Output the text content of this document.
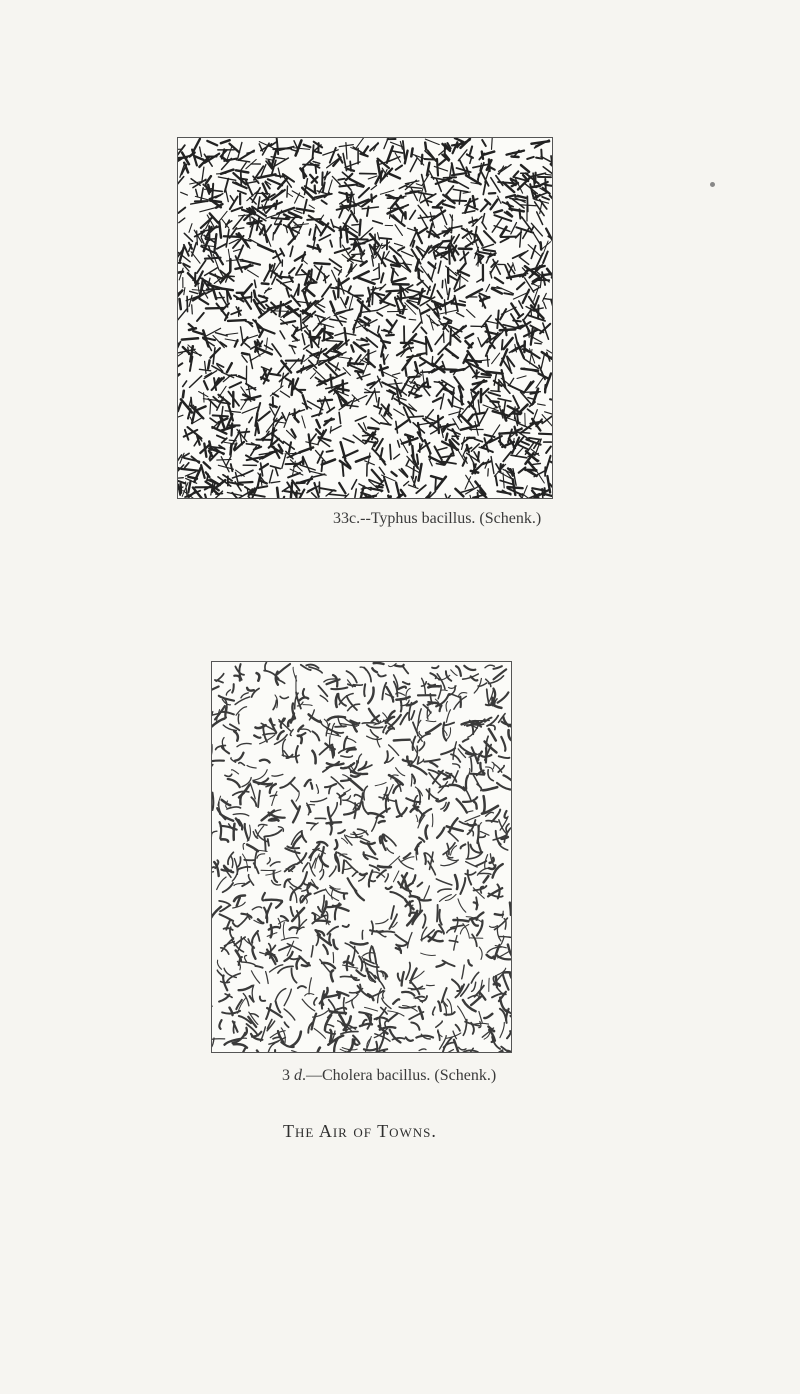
33c.--Typhus bacillus. (Schenk.)
3 d.—Cholera bacillus. (Schenk.)
The Air of Towns.
